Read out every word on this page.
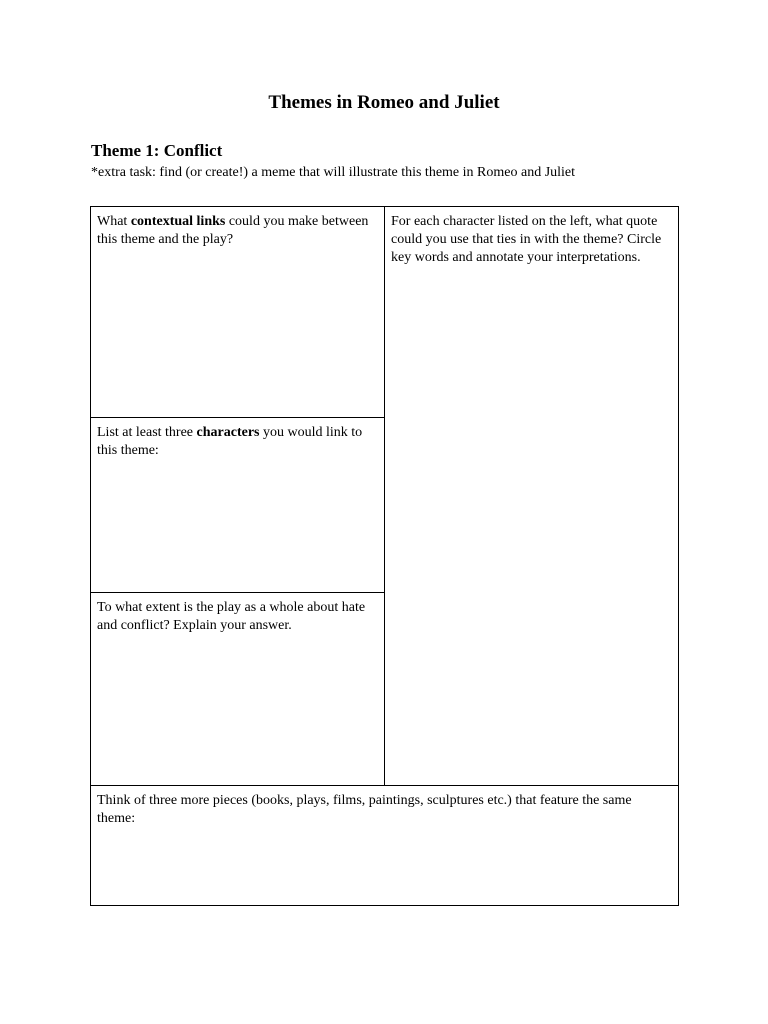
Themes in Romeo and Juliet
Theme 1: Conflict

*extra task: find (or create!) a meme that will illustrate this theme in Romeo and Juliet

What contextual links could you make between this theme and the play?
List at least three characters you would link to this theme:
To what extent is the play as a whole about hate and conflict? Explain your answer.
For each character listed on the left, what quote could you use that ties in with the theme? Circle key words and annotate your interpretations.
Think of three more pieces (books, plays, films, paintings, sculptures etc.) that feature the same theme:
